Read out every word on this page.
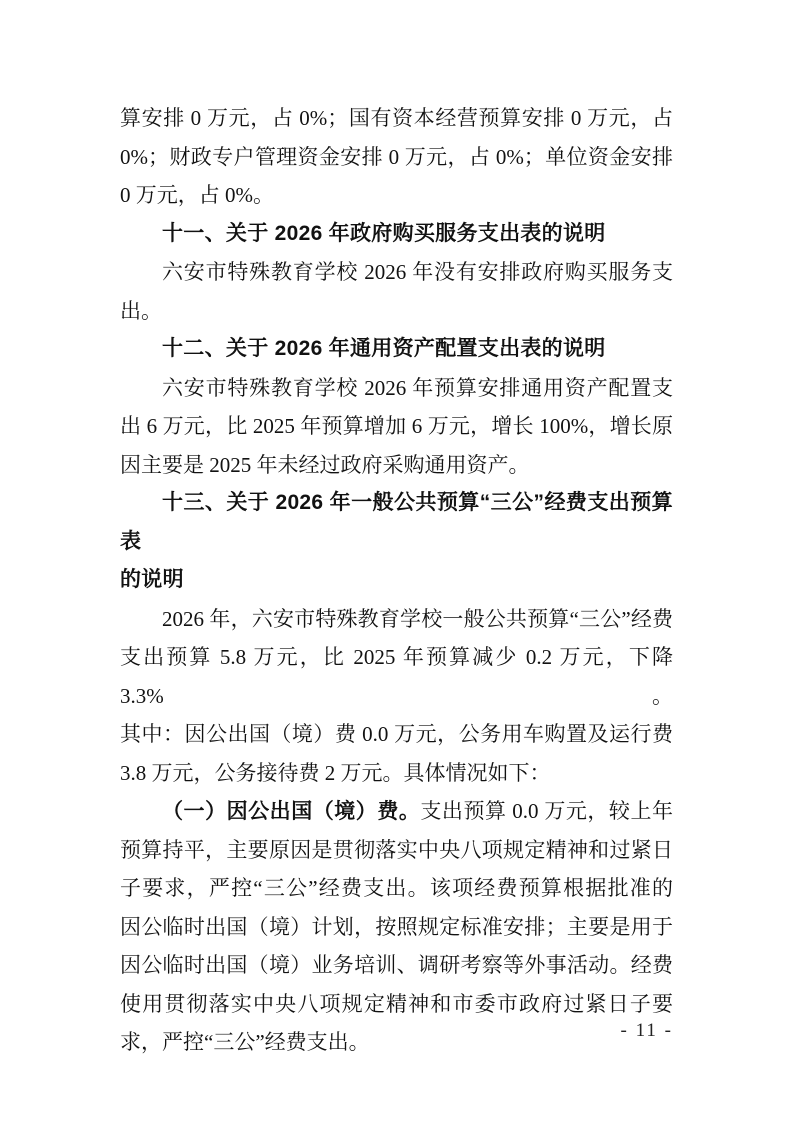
算安排 0 万元，占 0%；国有资本经营预算安排 0 万元，占
0%；财政专户管理资金安排 0 万元，占 0%；单位资金安排
0 万元，占 0%。
十一、关于 2026 年政府购买服务支出表的说明
六安市特殊教育学校 2026 年没有安排政府购买服务支
出。
十二、关于 2026 年通用资产配置支出表的说明
六安市特殊教育学校 2026 年预算安排通用资产配置支
出 6 万元，比 2025 年预算增加 6 万元，增长 100%，增长原
因主要是 2025 年未经过政府采购通用资产。
十三、关于 2026 年一般公共预算“三公”经费支出预算表
的说明
2026 年，六安市特殊教育学校一般公共预算“三公”经费
支出预算 5.8 万元，比 2025 年预算减少 0.2 万元，下降 3.3%。
其中：因公出国（境）费 0.0 万元，公务用车购置及运行费
3.8 万元，公务接待费 2 万元。具体情况如下：
（一）因公出国（境）费。支出预算 0.0 万元，较上年
预算持平，主要原因是贯彻落实中央八项规定精神和过紧日
子要求，严控“三公”经费支出。该项经费预算根据批准的
因公临时出国（境）计划，按照规定标准安排；主要是用于
因公临时出国（境）业务培训、调研考察等外事活动。经费
使用贯彻落实中央八项规定精神和市委市政府过紧日子要
求，严控“三公”经费支出。	- 11 -
